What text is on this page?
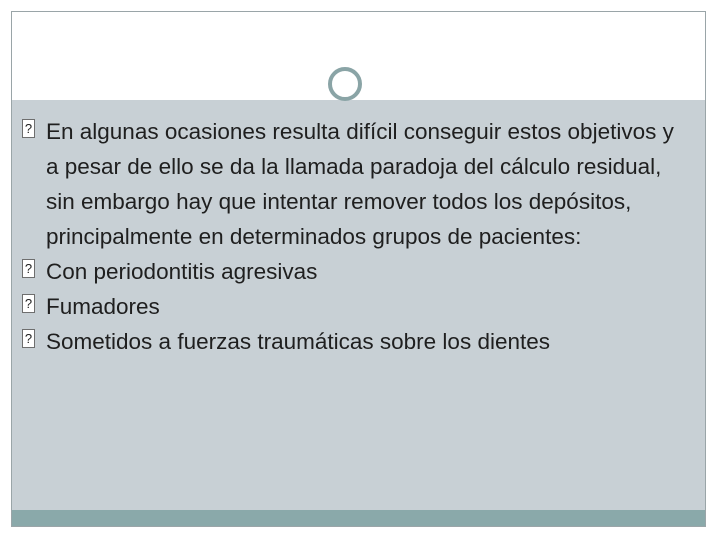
?
En algunas ocasiones resulta difícil conseguir estos objetivos y a pesar de ello se da la llamada paradoja del cálculo residual, sin embargo hay que intentar remover todos los depósitos, principalmente en determinados grupos de pacientes:

?
Con periodontitis agresivas

?
Fumadores

?
Sometidos a fuerzas traumáticas sobre los dientes
